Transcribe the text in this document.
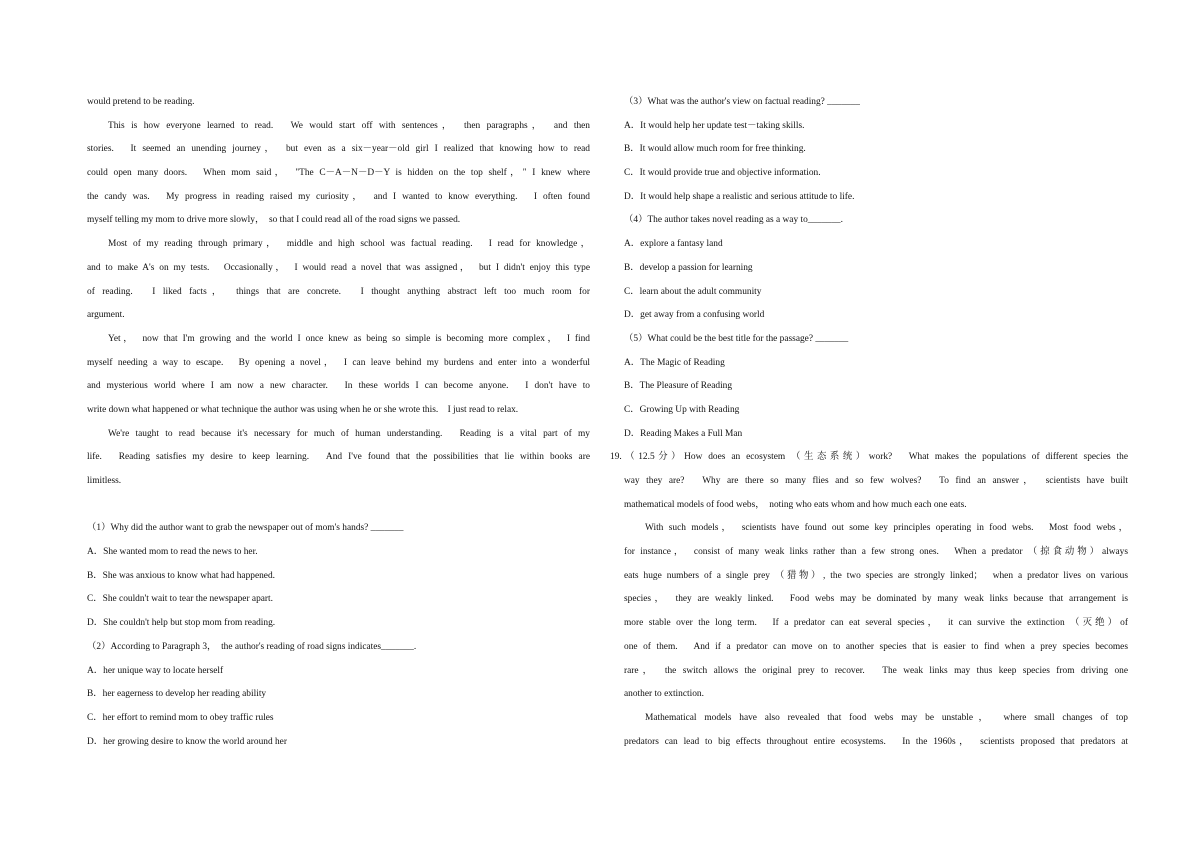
would pretend to be reading.

This is how everyone learned to read.　We would start off with sentences，　then paragraphs，　and then

stories.　It seemed an unending journey，　but even as a six－year－old girl I realized that knowing how to read

could open many doors.　When mom said，　"The C－A－N－D－Y is hidden on the top shelf，" I knew where

the candy was.　My progress in reading raised my curiosity，　and I wanted to know everything.　I often found

myself telling my mom to drive more slowly，　so that I could read all of the road signs we passed.

Most of my reading through primary，　middle and high school was factual reading.　I read for knowledge，

and to make A's on my tests.　Occasionally，　I would read a novel that was assigned，　but I didn't enjoy this type

of reading.　I liked facts，　things that are concrete.　I thought anything abstract left too much room for

argument.

Yet，　now that I'm growing and the world I once knew as being so simple is becoming more complex，　I find

myself needing a way to escape.　By opening a novel，　I can leave behind my burdens and enter into a wonderful

and mysterious world where I am now a new character.　In these worlds I can become anyone.　I don't have to

write down what happened or what technique the author was using when he or she wrote this.　I just read to relax.

We're taught to read because it's necessary for much of human understanding.　Reading is a vital part of my

life.　Reading satisfies my desire to keep learning.　And I've found that the possibilities that lie within books are

limitless.

（1）Why did the author want to grab the newspaper out of mom's hands? _______

A．She wanted mom to read the news to her.

B．She was anxious to know what had happened.

C．She couldn't wait to tear the newspaper apart.

D．She couldn't help but stop mom from reading.

（2）According to Paragraph 3，　the author's reading of road signs indicates_______.

A．her unique way to locate herself

B．her eagerness to develop her reading ability

C．her effort to remind mom to obey traffic rules

D．her growing desire to know the world around her

（3）What was the author's view on factual reading? _______

A．It would help her update test－taking skills.

B．It would allow much room for free thinking.

C．It would provide true and objective information.

D．It would help shape a realistic and serious attitude to life.

（4）The author takes novel reading as a way to_______.

A．explore a fantasy land

B．develop a passion for learning

C．learn about the adult community

D．get away from a confusing world

（5）What could be the best title for the passage? _______

A．The Magic of Reading

B．The Pleasure of Reading

C．Growing Up with Reading

D．Reading Makes a Full Man

19.（12.5分）How does an ecosystem （生态系统）work?　What makes the populations of different species the

way they are?　Why are there so many flies and so few wolves?　To find an answer，　scientists have built

mathematical models of food webs，　noting who eats whom and how much each one eats.

With such models，　scientists have found out some key principles operating in food webs.　Most food webs，

for instance，　consist of many weak links rather than a few strong ones.　When a predator （掠食动物）always

eats huge numbers of a single prey （猎物）, the two species are strongly linked；　when a predator lives on various

species，　they are weakly linked.　Food webs may be dominated by many weak links because that arrangement is

more stable over the long term.　If a predator can eat several species，　it can survive the extinction （灭绝）of

one of them.　And if a predator can move on to another species that is easier to find when a prey species becomes

rare，　the switch allows the original prey to recover.　The weak links may thus keep species from driving one

another to extinction.

Mathematical models have also revealed that food webs may be unstable，　where small changes of top

predators can lead to big effects throughout entire ecosystems.　In the 1960s，　scientists proposed that predators at
